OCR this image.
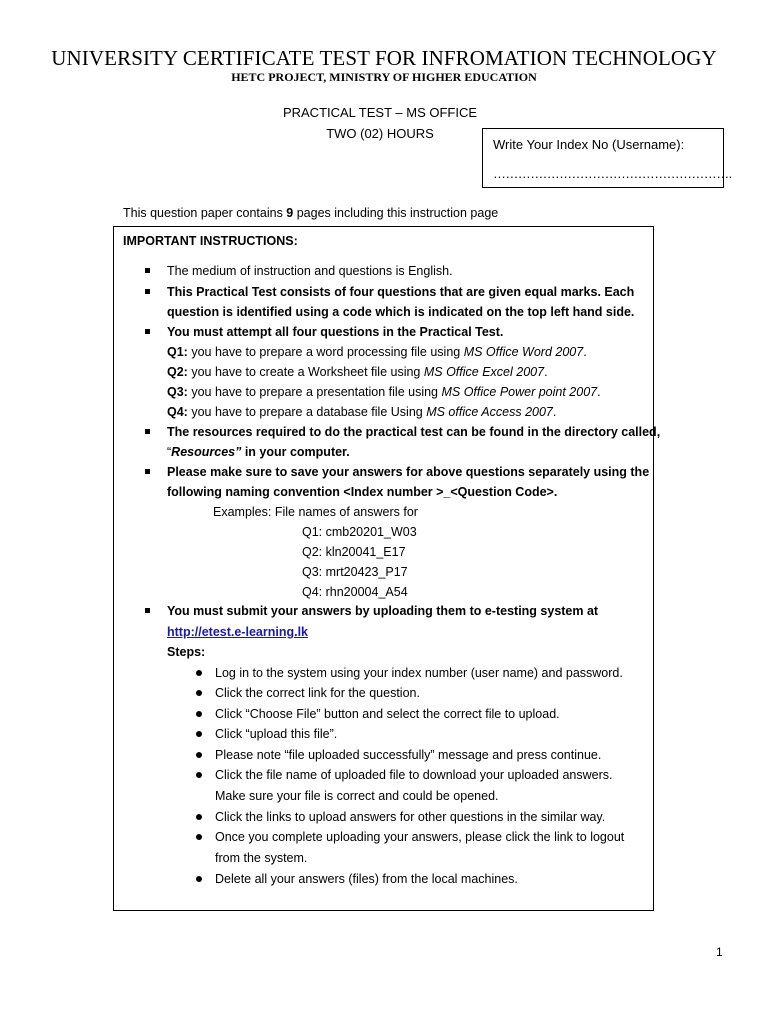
UNIVERSITY CERTIFICATE TEST FOR INFROMATION TECHNOLOGY
HETC PROJECT, MINISTRY OF HIGHER EDUCATION
PRACTICAL TEST – MS OFFICE
TWO (02) HOURS
Write Your Index No (Username):
………………………………………………….
This question paper contains 9 pages including this instruction page
IMPORTANT INSTRUCTIONS:
The medium of instruction and questions is English.
This Practical Test consists of four questions that are given equal marks. Each
question is identified using a code which is indicated on the top left hand side.
You must attempt all four questions in the Practical Test.
Q1: you have to prepare a word processing file using MS Office Word 2007.
Q2: you have to create a Worksheet file using MS Office Excel 2007.
Q3: you have to prepare a presentation file using MS Office Power point 2007.
Q4: you have to prepare a database file Using MS office Access 2007.
The resources required to do the practical test can be found in the directory called,
“Resources” in your computer.
Please make sure to save your answers for above questions separately using the
following naming convention <Index number >_<Question Code>.
Examples: File names of answers for
Q1: cmb20201_W03
Q2: kln20041_E17
Q3: mrt20423_P17
Q4: rhn20004_A54
You must submit your answers by uploading them to e-testing system at
http://etest.e-learning.lk
Steps:
Log in to the system using your index number (user name) and password.
Click the correct link for the question.
Click “Choose File” button and select the correct file to upload.
Click “upload this file”.
Please note “file uploaded successfully” message and press continue.
Click the file name of uploaded file to download your uploaded answers.
Make sure your file is correct and could be opened.
Click the links to upload answers for other questions in the similar way.
Once you complete uploading your answers, please click the link to logout
from the system.
Delete all your answers (files) from the local machines.
1
